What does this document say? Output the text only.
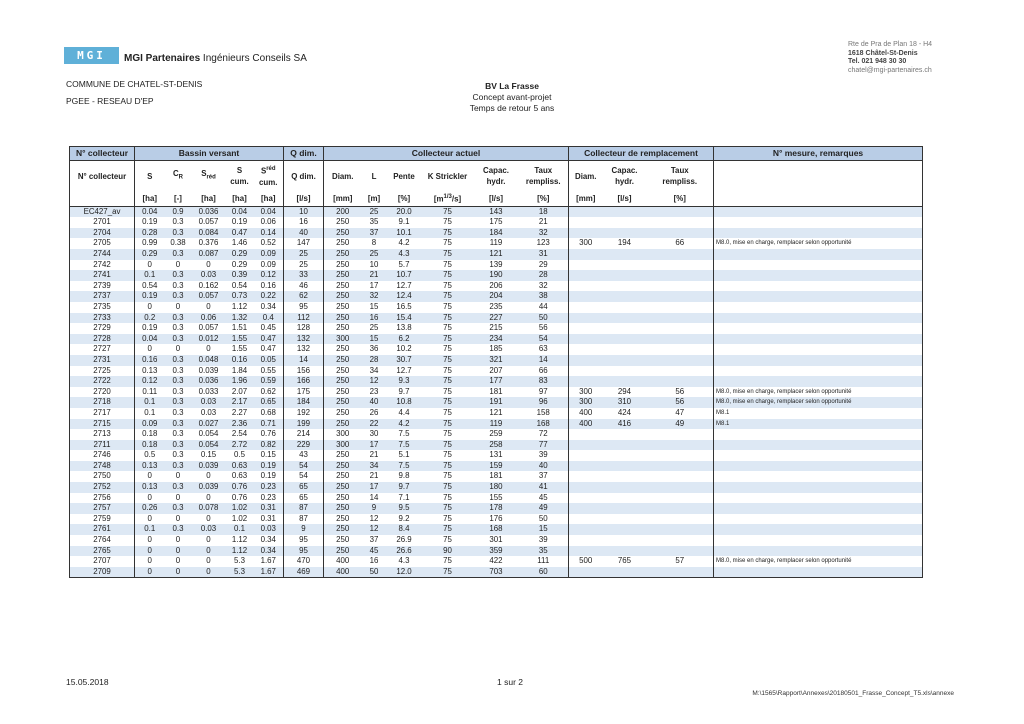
MGI MGI Partenaires Ingénieurs Conseils SA
Rte de Pra de Plan 18 - H4
1618 Châtel-St-Denis
Tel. 021 948 30 30
chatel@mgi-partenaires.ch
COMMUNE DE CHATEL-ST-DENIS
PGEE - RESEAU D'EP
BV La Frasse
Concept avant-projet
Temps de retour 5 ans
N° collecteur	Bassin versant					Q dim.	Collecteur actuel						Collecteur de remplacement			N° mesure, remarques
N° collecteur	S	$C_R$	$S_{réd}$	S
cum.	$S^{réd}$
cum.	Q dim.	Diam.	L	Pente	K Strickler	Capac.
hydr.	Taux
rempliss.	Diam.	Capac.
hydr.	Taux
rempliss.	
	[ha]	[-]	[ha]	[ha]	[ha]	[l/s]	[mm]	[m]	[%]	$[m^{1/3}/s]$	[l/s]	[%]	[mm]	[l/s]	[%]	
EC427_av	0.04	0.9	0.036	0.04	0.04	10	200	25	20.0	75	143	18				
2701	0.19	0.3	0.057	0.19	0.06	16	250	35	9.1	75	175	21				
2704	0.28	0.3	0.084	0.47	0.14	40	250	37	10.1	75	184	32				
2705	0.99	0.38	0.376	1.46	0.52	147	250	8	4.2	75	119	123	300	194	66	M8.0, mise en charge, remplacer selon opportunité
2744	0.29	0.3	0.087	0.29	0.09	25	250	25	4.3	75	121	31				
2742	0	0	0	0.29	0.09	25	250	10	5.7	75	139	29				
2741	0.1	0.3	0.03	0.39	0.12	33	250	21	10.7	75	190	28				
2739	0.54	0.3	0.162	0.54	0.16	46	250	17	12.7	75	206	32				
2737	0.19	0.3	0.057	0.73	0.22	62	250	32	12.4	75	204	38				
2735	0	0	0	1.12	0.34	95	250	15	16.5	75	235	44				
2733	0.2	0.3	0.06	1.32	0.4	112	250	16	15.4	75	227	50				
2729	0.19	0.3	0.057	1.51	0.45	128	250	25	13.8	75	215	56				
2728	0.04	0.3	0.012	1.55	0.47	132	300	15	6.2	75	234	54				
2727	0	0	0	1.55	0.47	132	250	36	10.2	75	185	63				
2731	0.16	0.3	0.048	0.16	0.05	14	250	28	30.7	75	321	14				
2725	0.13	0.3	0.039	1.84	0.55	156	250	34	12.7	75	207	66				
2722	0.12	0.3	0.036	1.96	0.59	166	250	12	9.3	75	177	83				
2720	0.11	0.3	0.033	2.07	0.62	175	250	23	9.7	75	181	97	300	294	56	M8.0, mise en charge, remplacer selon opportunité
2718	0.1	0.3	0.03	2.17	0.65	184	250	40	10.8	75	191	96	300	310	56	M8.0, mise en charge, remplacer selon opportunité
2717	0.1	0.3	0.03	2.27	0.68	192	250	26	4.4	75	121	158	400	424	47	M8.1
2715	0.09	0.3	0.027	2.36	0.71	199	250	22	4.2	75	119	168	400	416	49	M8.1
2713	0.18	0.3	0.054	2.54	0.76	214	300	30	7.5	75	259	72				
2711	0.18	0.3	0.054	2.72	0.82	229	300	17	7.5	75	258	77				
2746	0.5	0.3	0.15	0.5	0.15	43	250	21	5.1	75	131	39				
2748	0.13	0.3	0.039	0.63	0.19	54	250	34	7.5	75	159	40				
2750	0	0	0	0.63	0.19	54	250	21	9.8	75	181	37				
2752	0.13	0.3	0.039	0.76	0.23	65	250	17	9.7	75	180	41				
2756	0	0	0	0.76	0.23	65	250	14	7.1	75	155	45				
2757	0.26	0.3	0.078	1.02	0.31	87	250	9	9.5	75	178	49				
2759	0	0	0	1.02	0.31	87	250	12	9.2	75	176	50				
2761	0.1	0.3	0.03	0.1	0.03	9	250	12	8.4	75	168	15				
2764	0	0	0	1.12	0.34	95	250	37	26.9	75	301	39				
2765	0	0	0	1.12	0.34	95	250	45	26.6	90	359	35				
2707	0	0	0	5.3	1.67	470	400	16	4.3	75	422	111	500	765	57	M8.0, mise en charge, remplacer selon opportunité
2709	0	0	0	5.3	1.67	469	400	50	12.0	75	703	60				
15.05.2018	1 sur 2
M:\1565\Rapport\Annexes\20180501_Frasse_Concept_T5.xls\annexe
